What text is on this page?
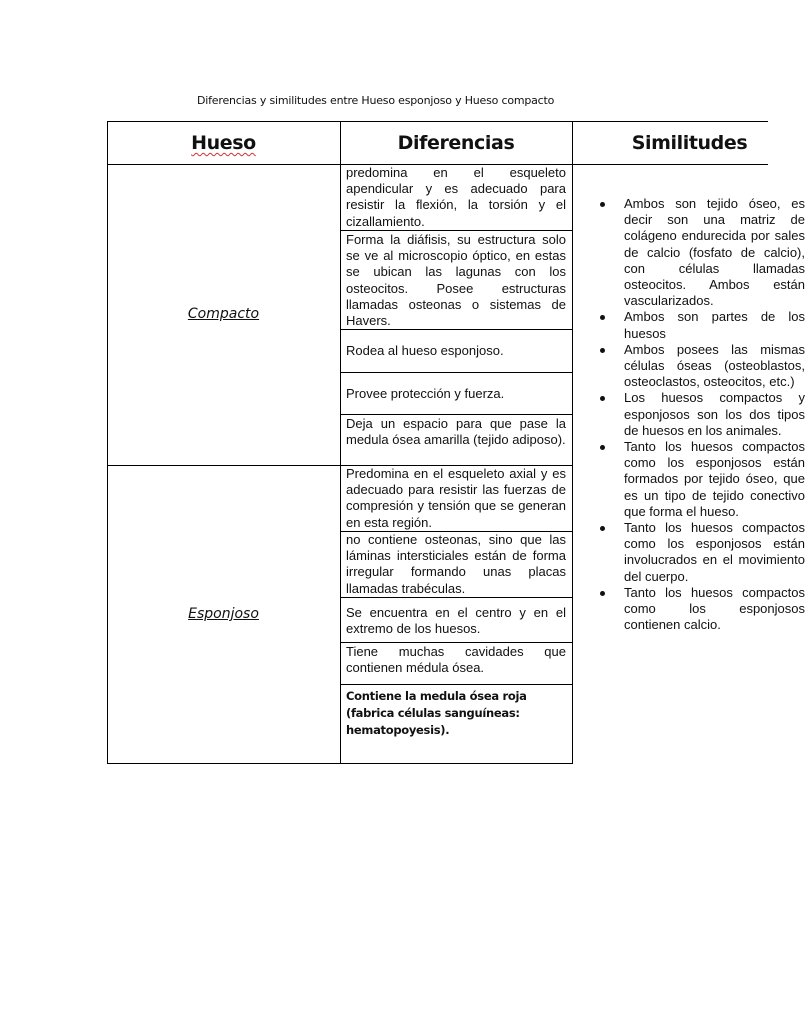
Diferencias y similitudes entre Hueso esponjoso y Hueso compacto
Hueso	Diferencias	Similitudes
Compacto
Esponjoso
predomina en el esqueleto apendicular y es adecuado para resistir la flexión, la torsión y el cizallamiento.
Forma la diáfisis, su estructura solo se ve al microscopio óptico, en estas se ubican las lagunas con los osteocitos. Posee estructuras llamadas osteonas o sistemas de Havers.
Rodea al hueso esponjoso.
Provee protección y fuerza.
Deja un espacio para que pase la medula ósea amarilla (tejido adiposo).
Predomina en el esqueleto axial y es adecuado para resistir las fuerzas de compresión y tensión que se generan en esta región.
no contiene osteonas, sino que las láminas intersticiales están de forma irregular formando unas placas llamadas trabéculas.
Se encuentra en el centro y en el extremo de los huesos.
Tiene muchas cavidades que contienen médula ósea.
Contiene la medula ósea roja (fabrica células sanguíneas: hematopoyesis).
Ambos son tejido óseo, es decir son una matriz de colágeno endurecida por sales de calcio (fosfato de calcio), con células llamadas osteocitos. Ambos están vascularizados.
Ambos son partes de los huesos
Ambos posees las mismas células óseas (osteoblastos, osteoclastos, osteocitos, etc.)
Los huesos compactos y esponjosos son los dos tipos de huesos en los animales.
Tanto los huesos compactos como los esponjosos están formados por tejido óseo, que es un tipo de tejido conectivo que forma el hueso.
Tanto los huesos compactos como los esponjosos están involucrados en el movimiento del cuerpo.
Tanto los huesos compactos como los esponjosos contienen calcio.
